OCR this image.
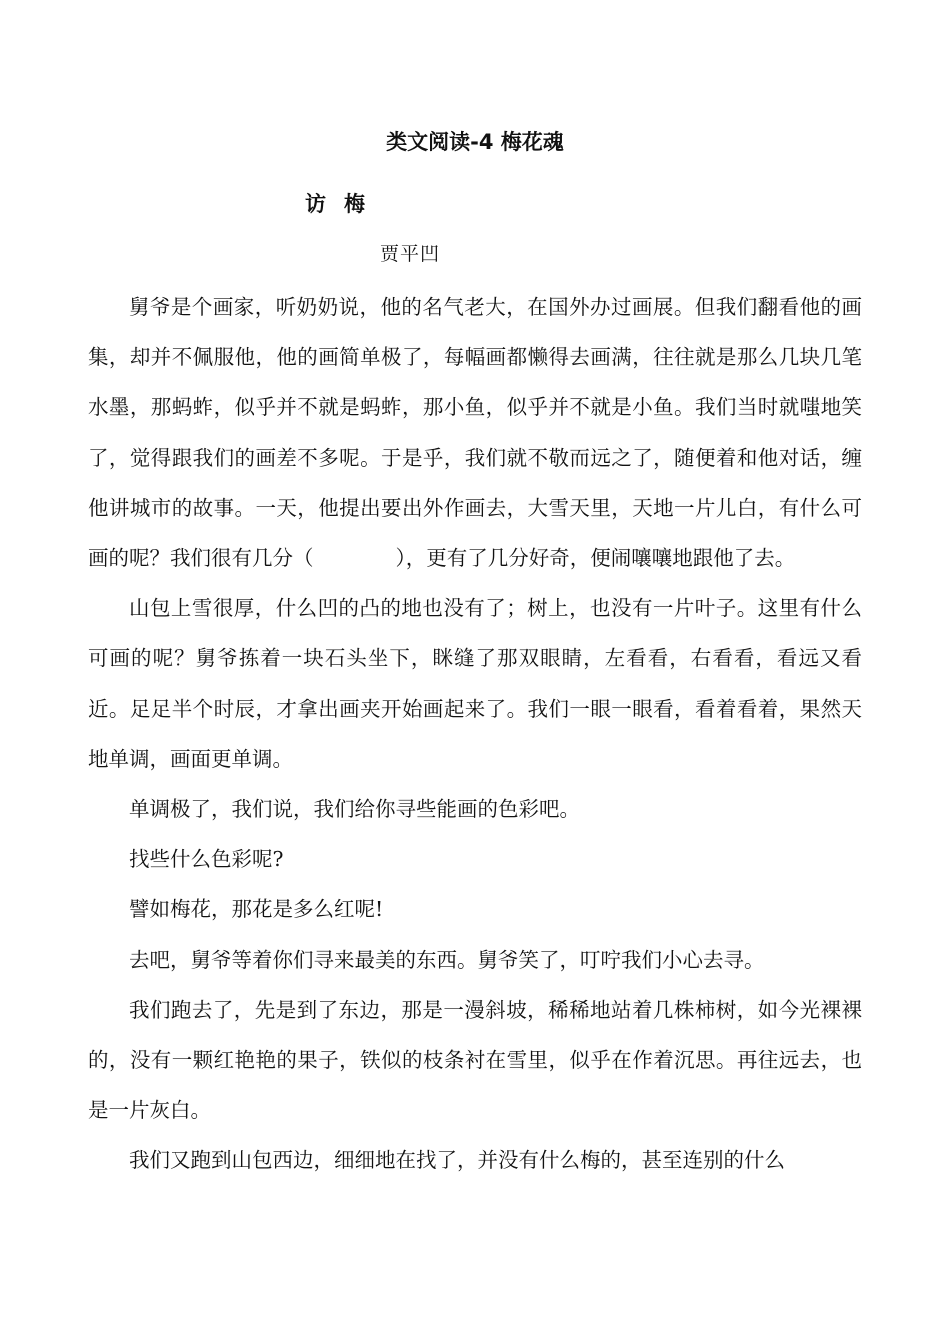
类文阅读-4 梅花魂
访梅
贾平凹

舅爷是个画家，听奶奶说，他的名气老大，在国外办过画展。但我们翻看他的画集，却并不佩服他，他的画简单极了，每幅画都懒得去画满，往往就是那么几块几笔水墨，那蚂蚱，似乎并不就是蚂蚱，那小鱼，似乎并不就是小鱼。我们当时就嗤地笑了，觉得跟我们的画差不多呢。于是乎，我们就不敬而远之了，随便着和他对话，缠他讲城市的故事。一天，他提出要出外作画去，大雪天里，天地一片儿白，有什么可画的呢？我们很有几分（	），更有了几分好奇，便闹嚷嚷地跟他了去。

山包上雪很厚，什么凹的凸的地也没有了；树上，也没有一片叶子。这里有什么可画的呢？舅爷拣着一块石头坐下，眯缝了那双眼睛，左看看，右看看，看远又看近。足足半个时辰，才拿出画夹开始画起来了。我们一眼一眼看，看着看着，果然天地单调，画面更单调。

单调极了，我们说，我们给你寻些能画的色彩吧。

找些什么色彩呢?

譬如梅花，那花是多么红呢!

去吧，舅爷等着你们寻来最美的东西。舅爷笑了，叮咛我们小心去寻。

我们跑去了，先是到了东边，那是一漫斜坡，稀稀地站着几株柿树，如今光裸裸的，没有一颗红艳艳的果子，铁似的枝条衬在雪里，似乎在作着沉思。再往远去，也是一片灰白。

我们又跑到山包西边，细细地在找了，并没有什么梅的，甚至连别的什么
